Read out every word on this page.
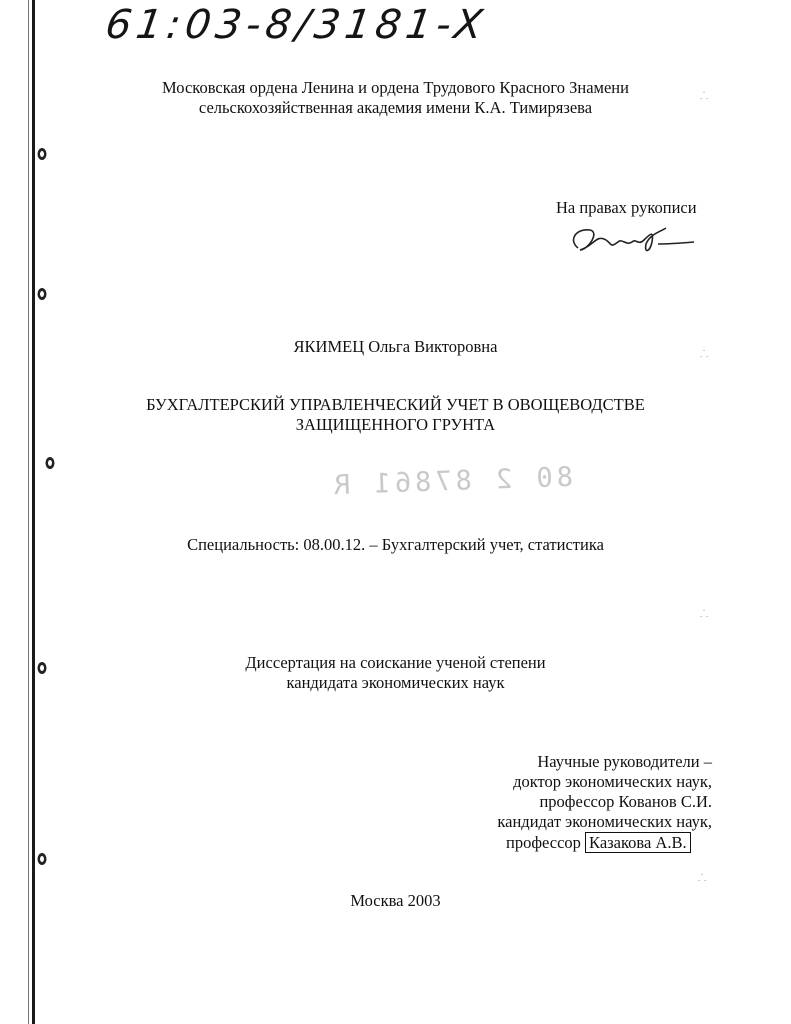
61:03-8/3181-X
Московская ордена Ленина и ордена Трудового Красного Знамени
сельскохозяйственная академия имени К.А. Тимирязева
На правах рукописи
ЯКИМЕЦ Ольга Викторовна
БУХГАЛТЕРСКИЙ УПРАВЛЕНЧЕСКИЙ УЧЕТ В ОВОЩЕВОДСТВЕ
ЗАЩИЩЕННОГО ГРУНТА
80 2 87861 R
Специальность: 08.00.12. – Бухгалтерский учет, статистика
Диссертация на соискание ученой степени
кандидата экономических наук
Научные руководители –
доктор экономических наук,
профессор Кованов С.И.
кандидат экономических наук,
профессор Казакова А.В.
Москва 2003
⸫
⸫
⸫
⸫
